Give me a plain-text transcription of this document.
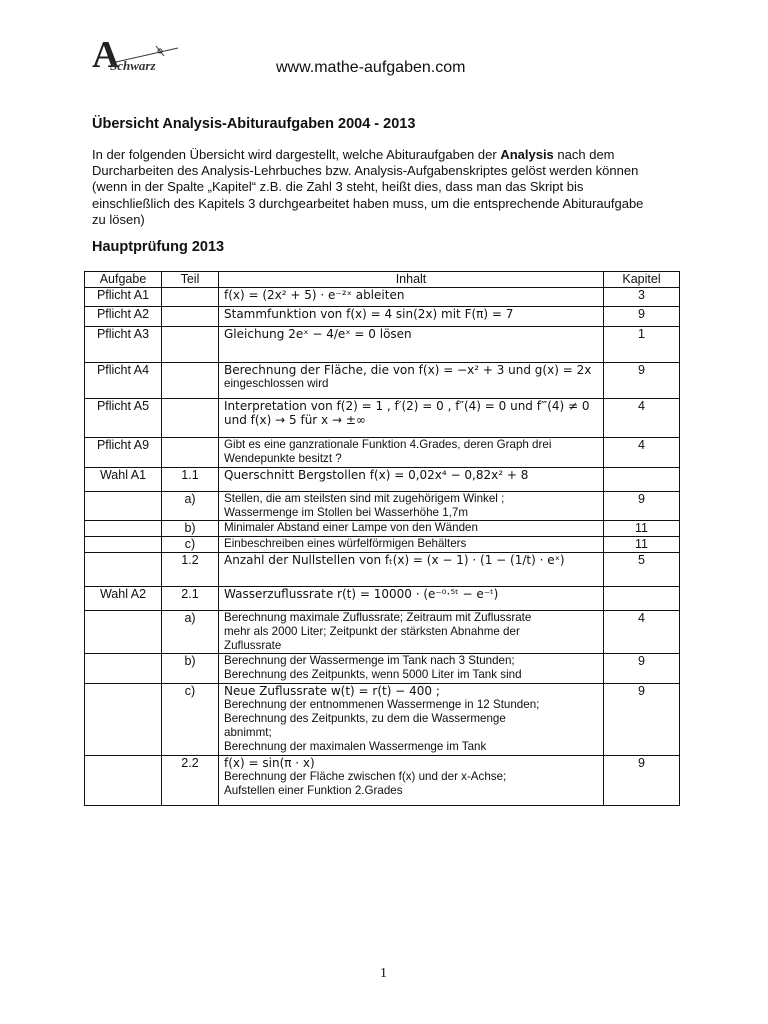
A
Schwarz	www.mathe-aufgaben.com
Übersicht Analysis-Abituraufgaben 2004 - 2013
In der folgenden Übersicht wird dargestellt, welche Abituraufgaben der Analysis nach dem Durcharbeiten des Analysis-Lehrbuches bzw. Analysis-Aufgabenskriptes gelöst werden können (wenn in der Spalte „Kapitel“ z.B. die Zahl 3 steht, heißt dies, dass man das Skript bis einschließlich des Kapitels 3 durchgearbeitet haben muss, um die entsprechende Abituraufgabe zu lösen)
Hauptprüfung 2013
Aufgabe	Teil	Inhalt	Kapitel
Pflicht A1		f(x) = (2x² + 5) · e⁻²ˣ ableiten	3
Pflicht A2		Stammfunktion von f(x) = 4 sin(2x) mit F(π) = 7	9
Pflicht A3		Gleichung 2eˣ − 4/eˣ = 0 lösen	1
Pflicht A4		Berechnung der Fläche, die von f(x) = −x² + 3 und g(x) = 2x
eingeschlossen wird	9
Pflicht A5		Interpretation von f(2) = 1 , f′(2) = 0 , f″(4) = 0 und f‴(4) ≠ 0
und f(x) → 5 für x → ±∞	4
Pflicht A9		Gibt es eine ganzrationale Funktion 4.Grades, deren Graph drei
Wendepunkte besitzt ?	4
Wahl A1	1.1	Querschnitt Bergstollen f(x) = 0,02x⁴ − 0,82x² + 8	

	a)	Stellen, die am steilsten sind mit zugehörigem Winkel ;
Wassermenge im Stollen bei Wasserhöhe 1,7m	9
	b)	Minimaler Abstand einer Lampe von den Wänden	11
	c)	Einbeschreiben eines würfelförmigen Behälters	11
	1.2	Anzahl der Nullstellen von fₜ(x) = (x − 1) · (1 − (1/t) · eˣ)	5
Wahl A2	2.1	Wasserzuflussrate r(t) = 10000 · (e⁻⁰·⁵ᵗ − e⁻ᵗ)	

	a)	Berechnung maximale Zuflussrate; Zeitraum mit Zuflussrate
mehr als 2000 Liter; Zeitpunkt der stärksten Abnahme der
Zuflussrate	4
	b)	Berechnung der Wassermenge im Tank nach 3 Stunden;
Berechnung des Zeitpunkts, wenn 5000 Liter im Tank sind	9
	c)	Neue Zuflussrate w(t) = r(t) − 400 ;
Berechnung der entnommenen Wassermenge in 12 Stunden;
Berechnung des Zeitpunkts, zu dem die Wassermenge
abnimmt;
Berechnung der maximalen Wassermenge im Tank	9
	2.2	f(x) = sin(π · x)
Berechnung der Fläche zwischen f(x) und der x-Achse;
Aufstellen einer Funktion 2.Grades	9
1
